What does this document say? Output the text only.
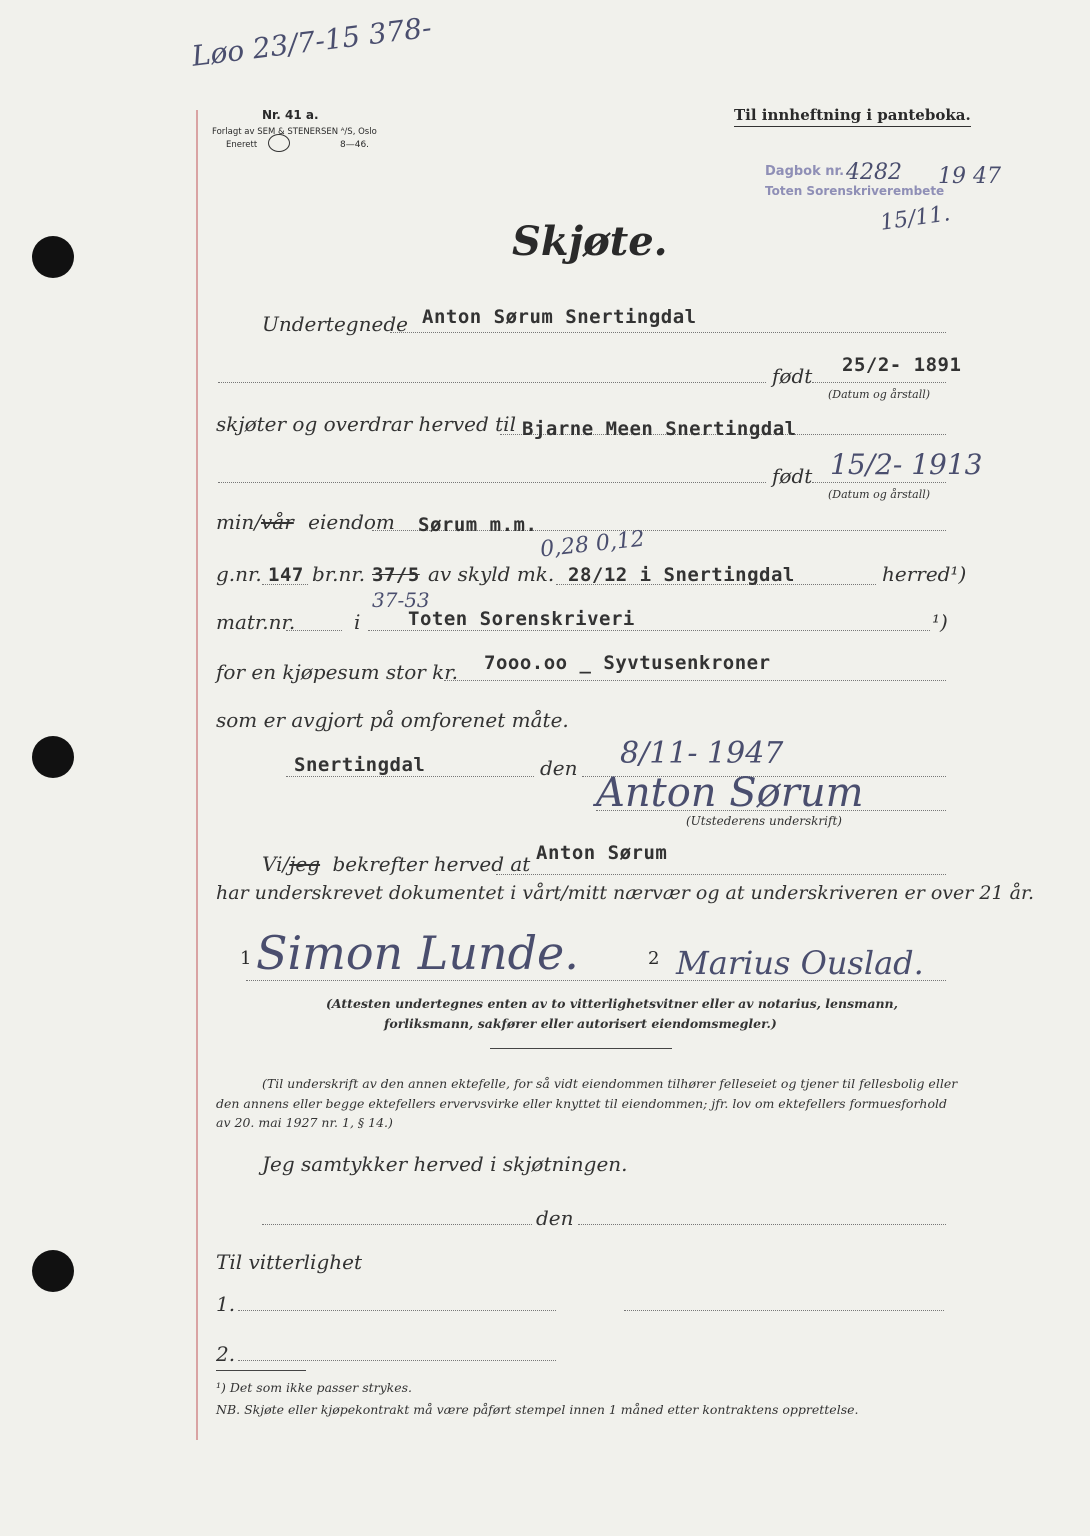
Løo 23/7-15 378-
Nr. 41 a.
Forlagt av SEM & STENERSEN ᴬ/S, Oslo
Enerett	8—46.
Til innheftning i panteboka.
Dagbok nr. 4282 19 47
Toten Sorenskriverembete
15/11.
Skjøte.
Undertegnede Anton Sørum Snertingdal
født 25/2- 1891
(Datum og årstall)
skjøter og overdrar herved til Bjarne Meen Snertingdal
født 15/2- 1913
(Datum og årstall)
min/vår eiendom Sørum m.m.
0,28 0,12
g.nr. 147 br.nr. 37/5
37-53
av skyld mk. 28/12 i Snertingdal	herred¹)
matr.nr.	i	Toten Sorenskriveri	¹)
for en kjøpesum stor kr. 7ooo.oo _ Syvtusenkroner
som er avgjort på omforenet måte.
Snertingdal	den 8/11- 1947
Anton Sørum
(Utstederens underskrift)
Vi/jeg bekrefter herved at Anton Sørum
har underskrevet dokumentet i vårt/mitt nærvær og at underskriveren er over 21 år.
1 Simon Lunde.	2 Marius Ouslad.
(Attesten undertegnes enten av to vitterlighetsvitner eller av notarius, lensmann,
forliksmann, sakfører eller autorisert eiendomsmegler.)
(Til underskrift av den annen ektefelle, for så vidt eiendommen tilhører felleseiet og tjener til fellesbolig eller
den annens eller begge ektefellers ervervsvirke eller knyttet til eiendommen; jfr. lov om ektefellers formuesforhold
av 20. mai 1927 nr. 1, § 14.)
Jeg samtykker herved i skjøtningen.
den
Til vitterlighet
1.
2.
¹) Det som ikke passer strykes.
NB. Skjøte eller kjøpekontrakt må være påført stempel innen 1 måned etter kontraktens opprettelse.
